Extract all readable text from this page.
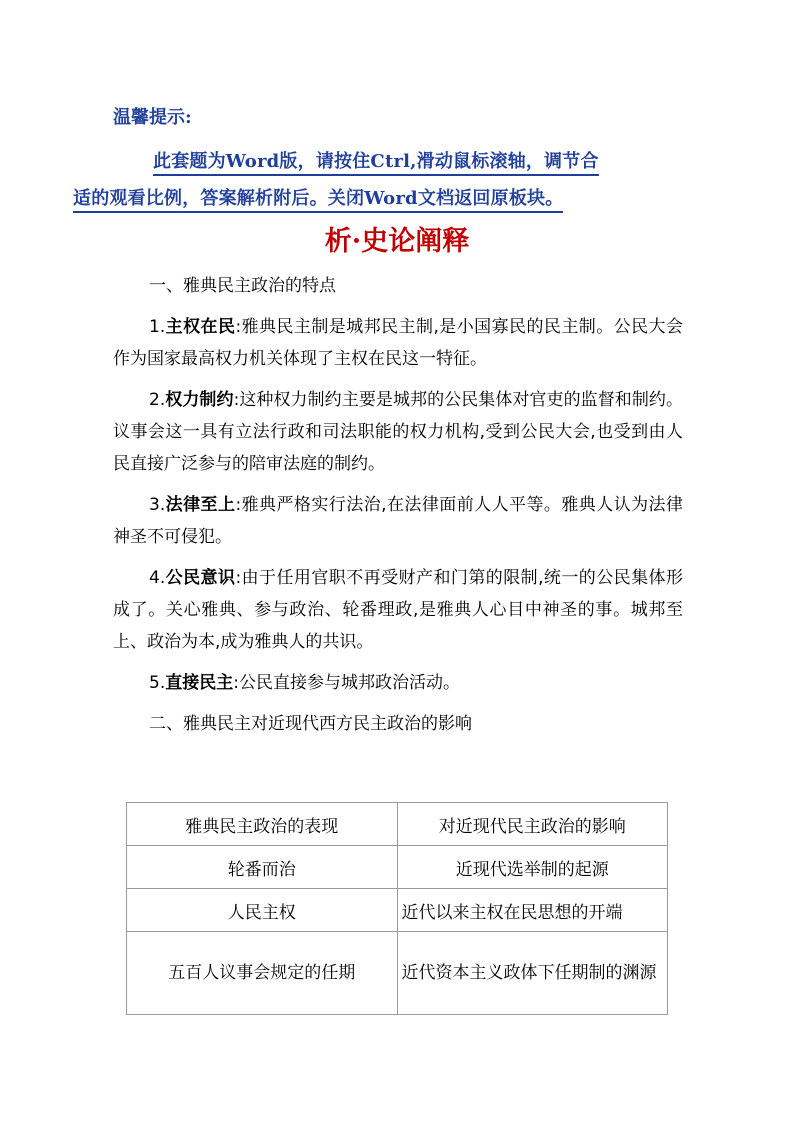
温馨提示:
此套题为Word版，请按住Ctrl,滑动鼠标滚轴，调节合
适的观看比例，答案解析附后。关闭Word文档返回原板块。
析·史论阐释

一、雅典民主政治的特点

1.主权在民:雅典民主制是城邦民主制,是小国寡民的民主制。公民大会作为国家最高权力机关体现了主权在民这一特征。

2.权力制约:这种权力制约主要是城邦的公民集体对官吏的监督和制约。议事会这一具有立法行政和司法职能的权力机构,受到公民大会,也受到由人民直接广泛参与的陪审法庭的制约。

3.法律至上:雅典严格实行法治,在法律面前人人平等。雅典人认为法律神圣不可侵犯。

4.公民意识:由于任用官职不再受财产和门第的限制,统一的公民集体形成了。关心雅典、参与政治、轮番理政,是雅典人心目中神圣的事。城邦至上、政治为本,成为雅典人的共识。

5.直接民主:公民直接参与城邦政治活动。

二、雅典民主对近现代西方民主政治的影响

雅典民主政治的表现	对近现代民主政治的影响
轮番而治	近现代选举制的起源
人民主权	近代以来主权在民思想的开端
五百人议事会规定的任期	近代资本主义政体下任期制的渊源
